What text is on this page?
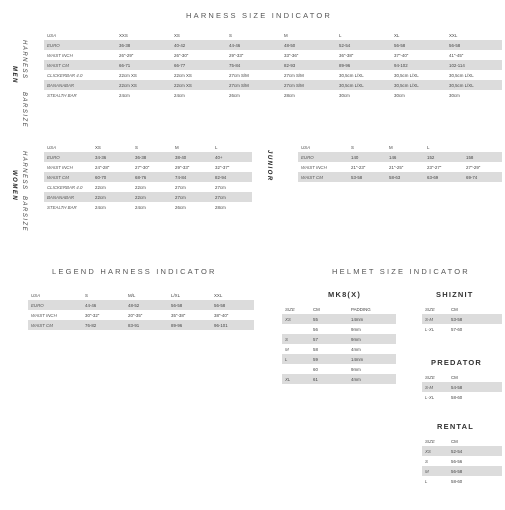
HARNESS SIZE INDICATOR
LEGEND HARNESS INDICATOR	HELMET SIZE INDICATOR
HARNESS
MEN
BARSIZE
USA	XXS	XS	S	M	L	XL	XXL
EURO	36-38	40-42	44-46	48-50	52-54	56-58	56-58
WAIST INCH	26"-29"	26"-30"	29"-33"	33"-36"	36"-38"	37"-40"	41"-45"
WAIST CM	66-71	66-77	75-84	82-93	89-96	94-102	102-114
CLICKERBAR 4.0	22cm XS	22cm XS	27cm S/M	27cm S/M	30,5cm L/XL	30,5cm L/XL	30,5cm L/XL
BANANABAR	22cm XS	22cm XS	27cm S/M	27cm S/M	30,5cm L/XL	30,5cm L/XL	30,5cm L/XL
STEALTH BAR	24cm	24cm	26cm	28cm	30cm	30cm	30cm
HARNESS
WOMEN
BARSIZE
USA	XS	S	M	L
EURO	34-36	36-38	38-40	40+
WAIST INCH	24"-28"	27"-30"	29"-33"	32"-37"
WAIST CM	60-70	68-76	74-84	82-94
CLICKERBAR 4.0	22cm	22cm	27cm	27cm
BANANABAR	22cm	22cm	27cm	27cm
STEALTH BAR	24cm	24cm	26cm	28cm
JUNIOR
USA	S	M	L	
EURO	140	146	152	158
WAIST INCH	21"-23"	21"-25"	23"-27"	27"-29"
WAIST CM	53-58	58-63	63-69	69-74
USA	S	M/L	L/XL	XXL
EURO	44-46	48-52	56-58	56-58
WAIST INCH	30"-32"	20"-35"	35"-38"	38"-40"
WAIST CM	76-82	83-91	89-96	96-101
MK8(X)
SIZE	CM	PADDING
XS	55	14mm
	56	9mm
S	57	9mm
M	58	4mm
L	59	14mm
	60	9mm
XL	61	4mm
SHIZNIT
SIZE	CM
S-M	53-58
L-XL	57-60
PREDATOR
SIZE	CM
S-M	54-58
L-XL	58-60
RENTAL
SIZE	CM
XS	52-54
S	56-56
M	56-58
L	58-60
